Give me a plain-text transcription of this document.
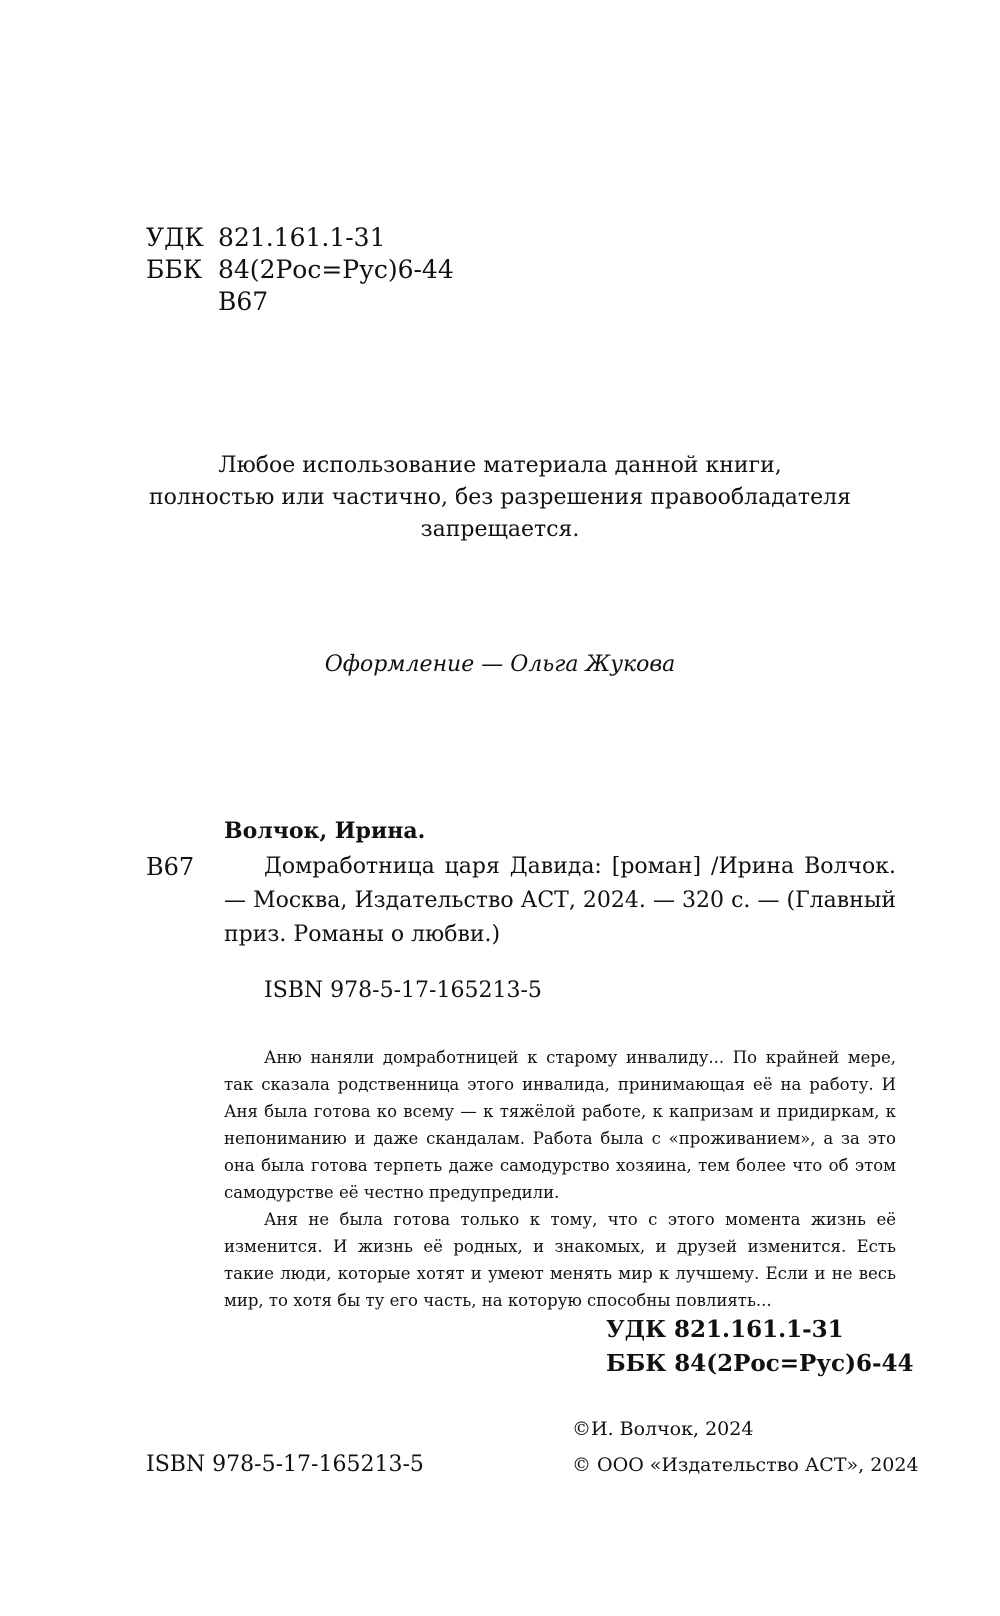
УДК 821.161.1-31
ББК 84(2Рос=Рус)6-44
В67
Любое использование материала данной книги,
полностью или частично, без разрешения правообладателя
запрещается.
Оформление — Ольга Жукова
Волчок, Ирина.
В67	Домработница царя Давида: [роман] /Ирина Волчок. — Москва, Издательство АСТ, 2024. — 320 с. — (Главный приз. Романы о любви.)
ISBN 978-5-17-165213-5

Аню наняли домработницей к старому инвалиду... По крайней мере, так сказала родственница этого инвалида, принимающая её на работу. И Аня была готова ко всему — к тяжёлой работе, к капризам и придиркам, к непониманию и даже скандалам. Работа была с «проживанием», а за это она была готова терпеть даже самодурство хозяина, тем более что об этом самодурстве её честно предупредили.

Аня не была готова только к тому, что с этого момента жизнь её изменится. И жизнь её родных, и знакомых, и друзей изменится. Есть такие люди, которые хотят и умеют менять мир к лучшему. Если и не весь мир, то хотя бы ту его часть, на которую способны повлиять...

УДК 821.161.1-31
ББК 84(2Рос=Рус)6-44
©И. Волчок, 2024
ISBN 978-5-17-165213-5	© ООО «Издательство АСТ», 2024
